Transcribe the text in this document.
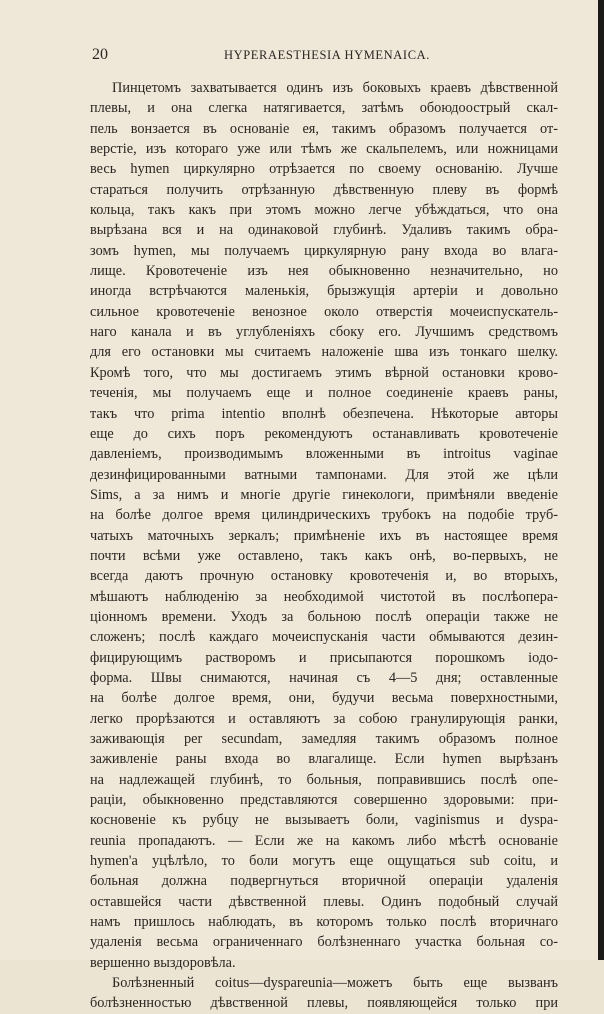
20	HYPERAESTHESIA HYMENAICA.
Пинцетомъ захватывается одинъ изъ боковыхъ краевъ дѣвственной
плевы, и она слегка натягивается, затѣмъ обоюдоострый скал-
пель вонзается въ основаніе ея, такимъ образомъ получается от-
верстіе, изъ котораго уже или тѣмъ же скальпелемъ, или ножницами
весь hymen циркулярно отрѣзается по своему основанію. Лучше
стараться получить отрѣзанную дѣвственную плеву въ формѣ
кольца, такъ какъ при этомъ можно легче убѣждаться, что она
вырѣзана вся и на одинаковой глубинѣ. Удаливъ такимъ обра-
зомъ hymen, мы получаемъ циркулярную рану входа во влага-
лище. Кровотеченіе изъ нея обыкновенно незначительно, но
иногда встрѣчаются маленькія, брызжущія артеріи и довольно
сильное кровотеченіе венозное около отверстія мочеиспускатель-
наго канала и въ углубленіяхъ сбоку его. Лучшимъ средствомъ
для его остановки мы считаемъ наложеніе шва изъ тонкаго шелку.
Кромѣ того, что мы достигаемъ этимъ вѣрной остановки крово-
теченія, мы получаемъ еще и полное соединеніе краевъ раны,
такъ что prima intentio вполнѣ обезпечена. Нѣкоторые авторы
еще до сихъ поръ рекомендуютъ останавливать кровотеченіе
давленіемъ, производимымъ вложенными въ introitus vaginae
дезинфицированными ватными тампонами. Для этой же цѣли
Sims, а за нимъ и многіе другіе гинекологи, примѣняли введеніе
на болѣе долгое время цилиндрическихъ трубокъ на подобіе труб-
чатыхъ маточныхъ зеркалъ; примѣненіе ихъ въ настоящее время
почти всѣми уже оставлено, такъ какъ онѣ, во-первыхъ, не
всегда даютъ прочную остановку кровотеченія и, во вторыхъ,
мѣшаютъ наблюденію за необходимой чистотой въ послѣопера-
ціонномъ времени. Уходъ за больною послѣ операціи также не
сложенъ; послѣ каждаго мочеиспусканія части обмываются дезин-
фицирующимъ растворомъ и присыпаются порошкомъ іодо-
форма. Швы снимаются, начиная съ 4—5 дня; оставленные
на болѣе долгое время, они, будучи весьма поверхностными,
легко прорѣзаются и оставляютъ за собою гранулирующія ранки,
заживающія per secundam, замедляя такимъ образомъ полное
заживленіе раны входа во влагалище. Если hymen вырѣзанъ
на надлежащей глубинѣ, то больныя, поправившись послѣ опе-
раціи, обыкновенно представляются совершенно здоровыми: при-
косновеніе къ рубцу не вызываетъ боли, vaginismus и dyspa-
reunia пропадаютъ. — Если же на какомъ либо мѣстѣ основаніе
hymen'а уцѣлѣло, то боли могутъ еще ощущаться sub coitu, и
больная должна подвергнуться вторичной операціи удаленія
оставшейся части дѣвственной плевы. Одинъ подобный случай
намъ пришлось наблюдать, въ которомъ только послѣ вторичнаго
удаленія весьма ограниченнаго болѣзненнаго участка больная со-
вершенно выздоровѣла.
Болѣзненный coitus—dyspareunia—можетъ быть еще вызванъ
болѣзненностью дѣвственной плевы, появляющейся только при
